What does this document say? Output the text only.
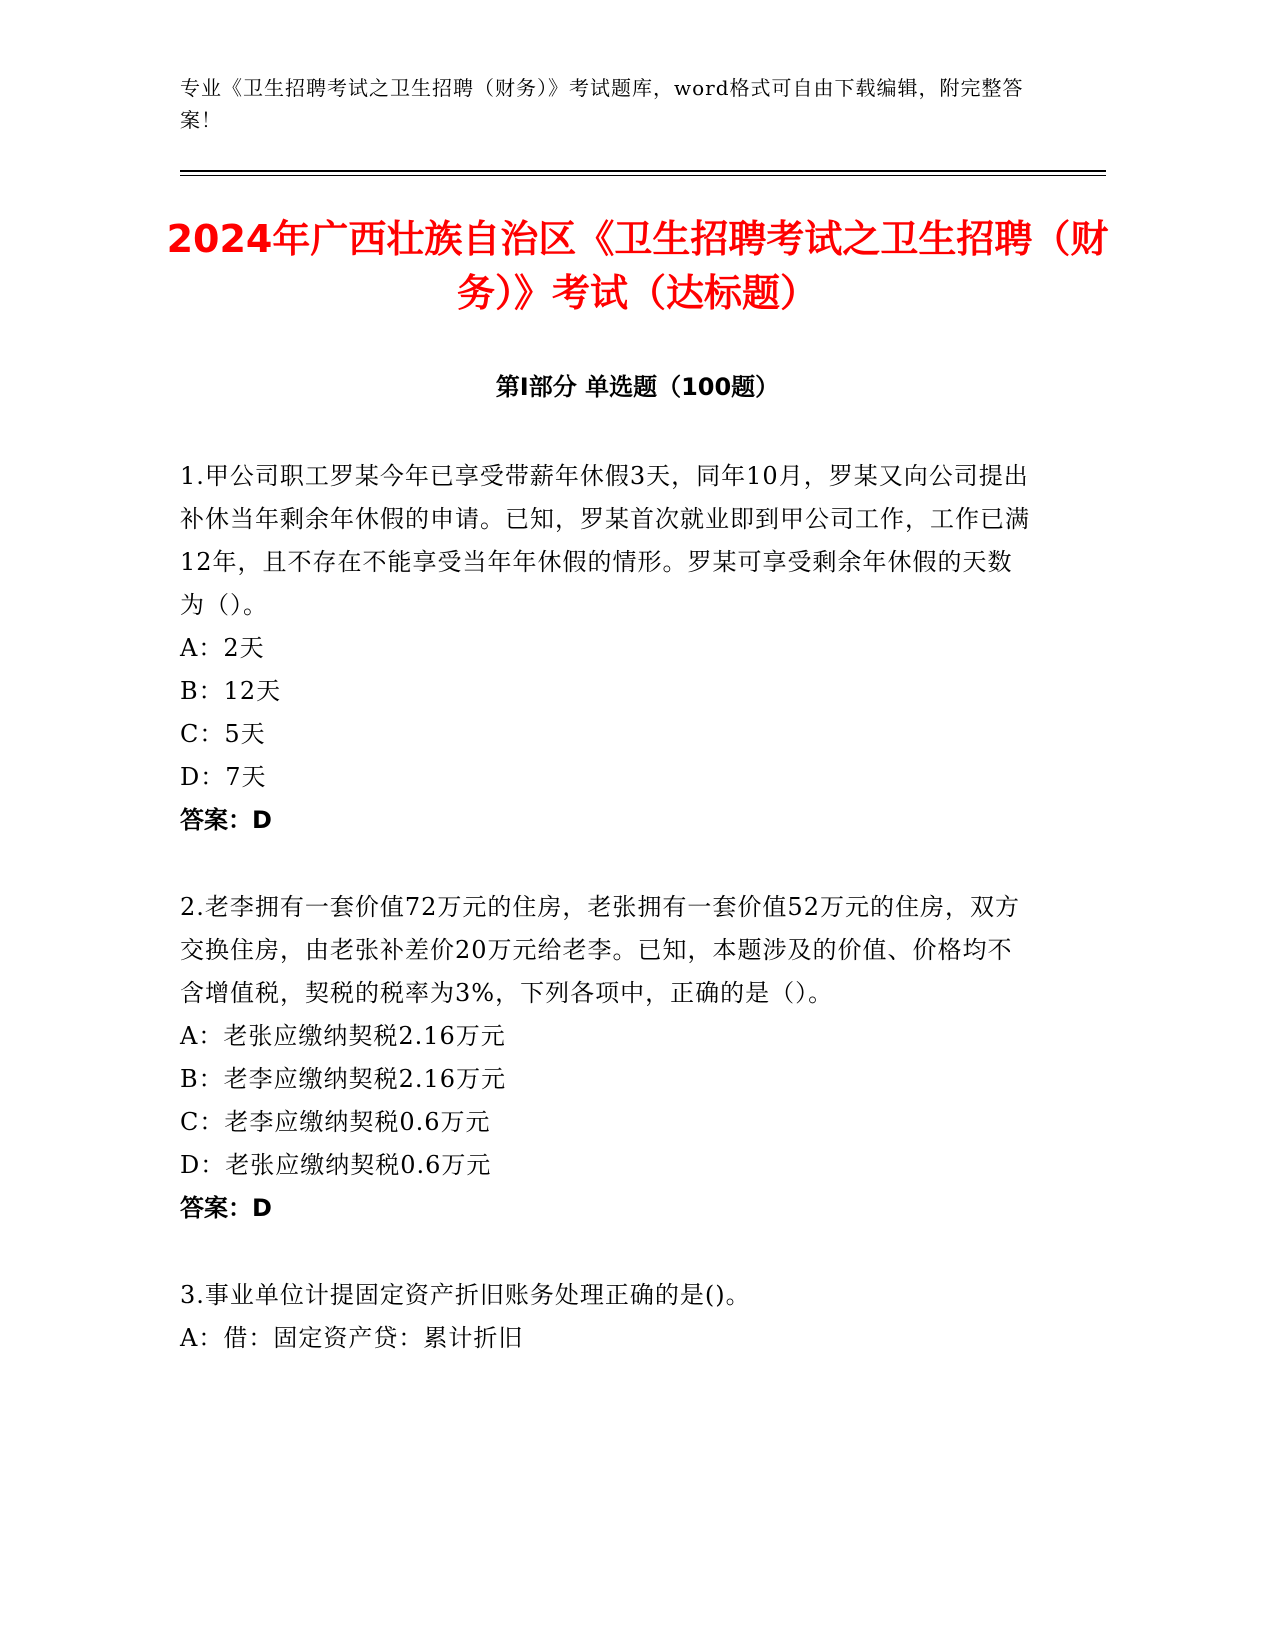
专业《卫生招聘考试之卫生招聘（财务）》考试题库，word格式可自由下载编辑，附完整答案！
2024年广西壮族自治区《卫生招聘考试之卫生招聘（财务）》考试（达标题）
第Ⅰ部分 单选题（100题）
1.甲公司职工罗某今年已享受带薪年休假3天，同年10月，罗某又向公司提出补休当年剩余年休假的申请。已知，罗某首次就业即到甲公司工作，工作已满12年，且不存在不能享受当年年休假的情形。罗某可享受剩余年休假的天数为（）。
A：2天
B：12天
C：5天
D：7天
答案：D
2.老李拥有一套价值72万元的住房，老张拥有一套价值52万元的住房，双方交换住房，由老张补差价20万元给老李。已知，本题涉及的价值、价格均不含增值税，契税的税率为3%，下列各项中，正确的是（）。
A：老张应缴纳契税2.16万元
B：老李应缴纳契税2.16万元
C：老李应缴纳契税0.6万元
D：老张应缴纳契税0.6万元
答案：D
3.事业单位计提固定资产折旧账务处理正确的是()。
A：借：固定资产贷：累计折旧
